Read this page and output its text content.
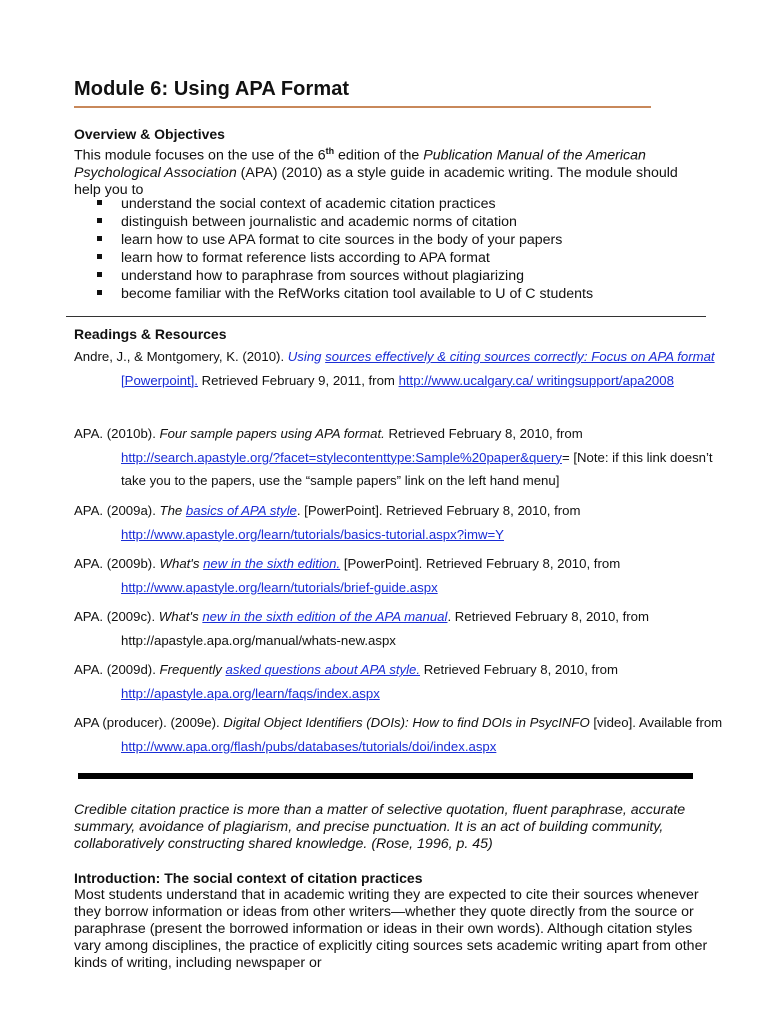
Module 6: Using APA Format
Overview & Objectives

This module focuses on the use of the 6th edition of the Publication Manual of the American Psychological Association (APA) (2010) as a style guide in academic writing. The module should help you to

understand the social context of academic citation practices
distinguish between journalistic and academic norms of citation
learn how to use APA format to cite sources in the body of your papers
learn how to format reference lists according to APA format
understand how to paraphrase from sources without plagiarizing
become familiar with the RefWorks citation tool available to U of C students
Readings & Resources

Andre, J., & Montgomery, K. (2010). Using sources effectively & citing sources correctly: Focus on APA format [Powerpoint]. Retrieved February 9, 2011, from http://www.ucalgary.ca/ writingsupport/apa2008

APA. (2010b). Four sample papers using APA format. Retrieved February 8, 2010, from http://search.apastyle.org/?facet=stylecontenttype:Sample%20paper&query= [Note: if this link doesn’t take you to the papers, use the “sample papers” link on the left hand menu]

APA. (2009a). The basics of APA style. [PowerPoint]. Retrieved February 8, 2010, from http://www.apastyle.org/learn/tutorials/basics-tutorial.aspx?imw=Y

APA. (2009b). What's new in the sixth edition. [PowerPoint]. Retrieved February 8, 2010, from http://www.apastyle.org/learn/tutorials/brief-guide.aspx

APA. (2009c). What's new in the sixth edition of the APA manual. Retrieved February 8, 2010, from http://apastyle.apa.org/manual/whats-new.aspx

APA. (2009d). Frequently asked questions about APA style. Retrieved February 8, 2010, from http://apastyle.apa.org/learn/faqs/index.aspx

APA (producer). (2009e). Digital Object Identifiers (DOIs): How to find DOIs in PsycINFO [video]. Available from http://www.apa.org/flash/pubs/databases/tutorials/doi/index.aspx

Credible citation practice is more than a matter of selective quotation, fluent paraphrase, accurate summary, avoidance of plagiarism, and precise punctuation. It is an act of building community, collaboratively constructing shared knowledge. (Rose, 1996, p. 45)

Introduction: The social context of citation practices

Most students understand that in academic writing they are expected to cite their sources whenever they borrow information or ideas from other writers—whether they quote directly from the source or paraphrase (present the borrowed information or ideas in their own words). Although citation styles vary among disciplines, the practice of explicitly citing sources sets academic writing apart from other kinds of writing, including newspaper or
